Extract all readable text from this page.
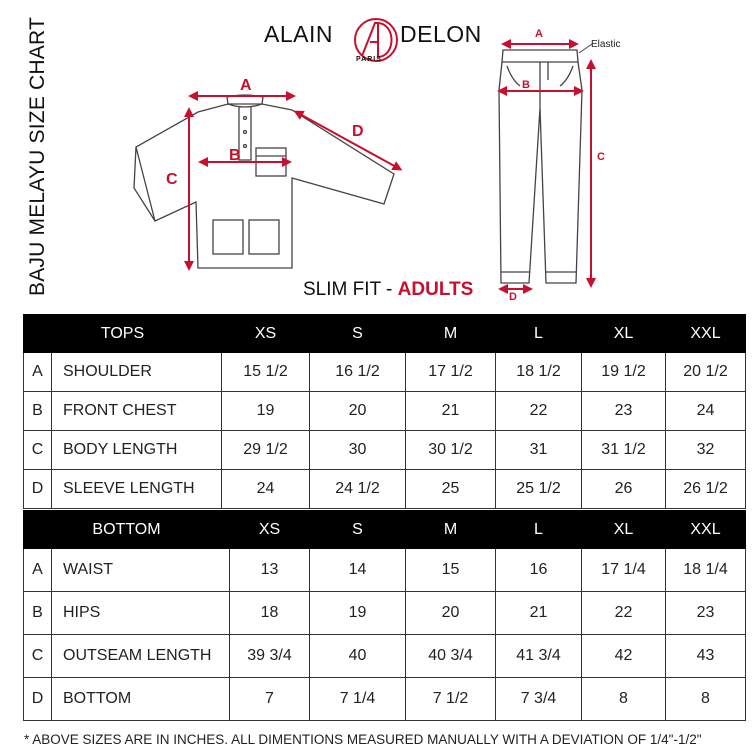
BAJU MELAYU SIZE CHART	ALAIN	DELON
PARIS
A
B
C
D
Elastic
A
B
C
D
SLIM FIT - ADULTS
TOPS		XS	S	M	L	XL	XXL
A	SHOULDER	15 1/2	16 1/2	17 1/2	18 1/2	19 1/2	20 1/2
B	FRONT CHEST	19	20	21	22	23	24
C	BODY LENGTH	29 1/2	30	30 1/2	31	31 1/2	32
D	SLEEVE LENGTH	24	24 1/2	25	25 1/2	26	26 1/2
BOTTOM		XS	S	M	L	XL	XXL
A	WAIST	13	14	15	16	17 1/4	18 1/4
B	HIPS	18	19	20	21	22	23
C	OUTSEAM LENGTH	39 3/4	40	40 3/4	41 3/4	42	43
D	BOTTOM	7	7 1/4	7 1/2	7 3/4	8	8
* ABOVE SIZES ARE IN INCHES. ALL DIMENTIONS MEASURED MANUALLY WITH A DEVIATION OF 1/4"-1/2"
